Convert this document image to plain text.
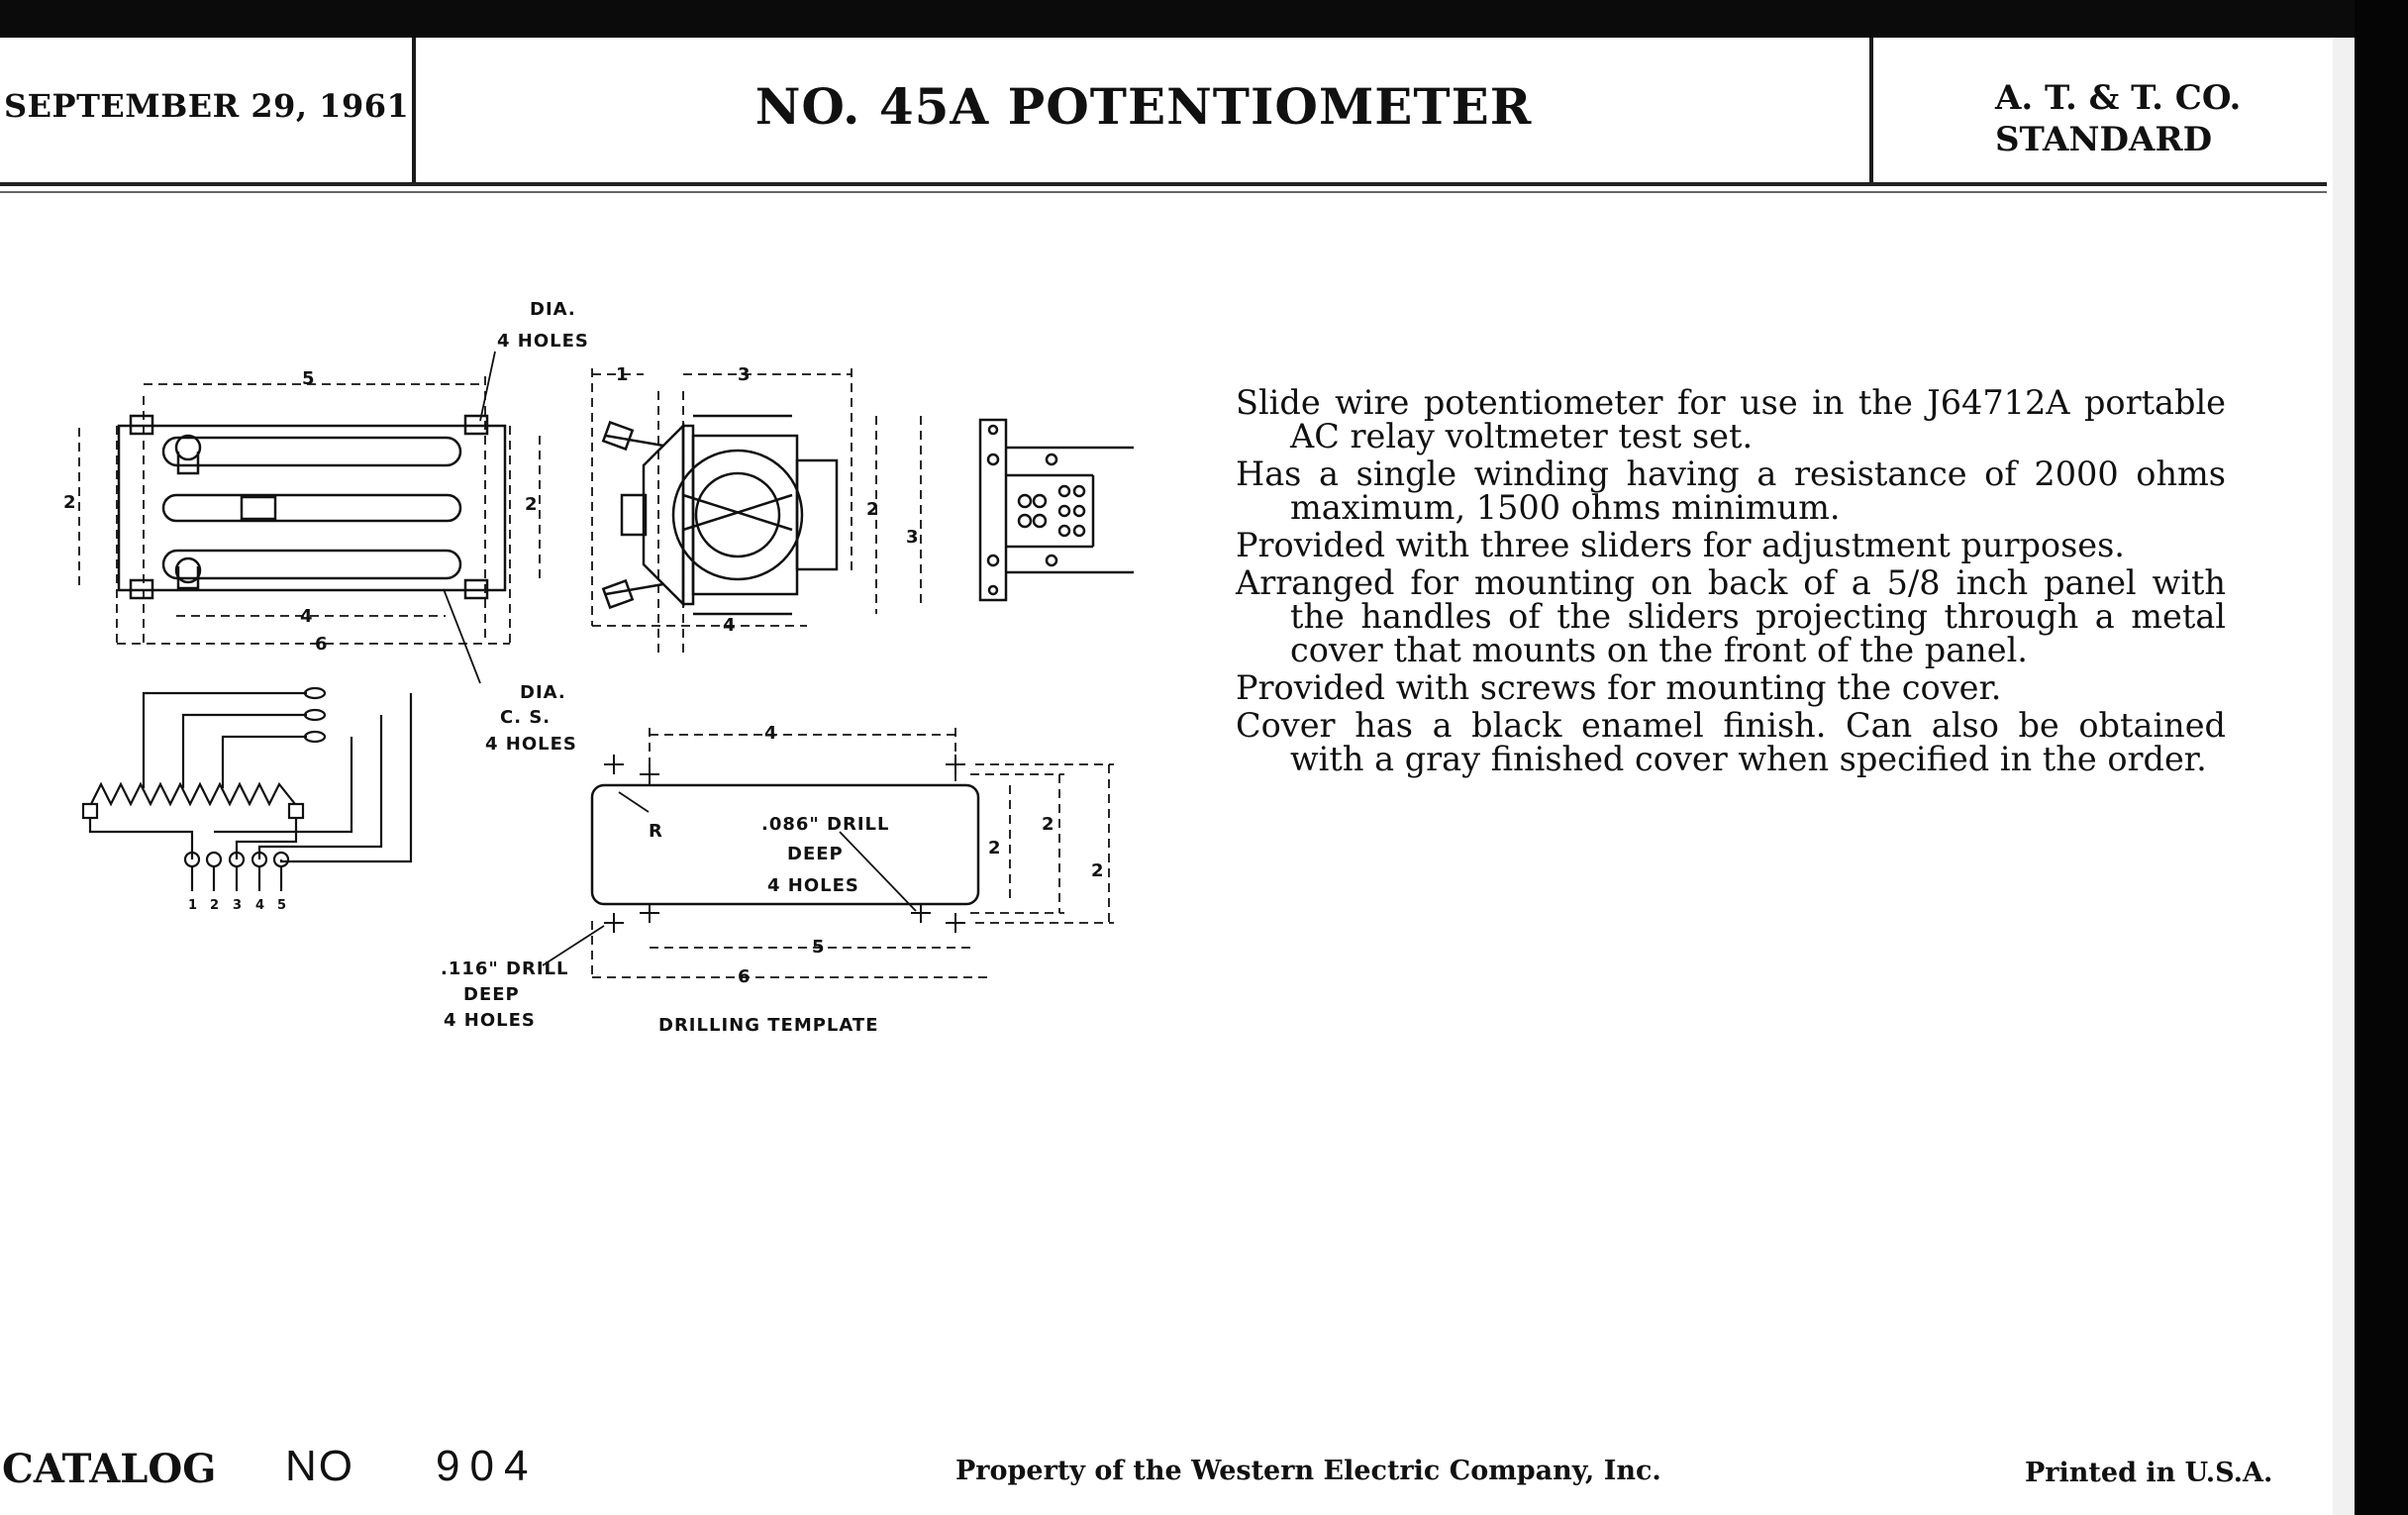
SEPTEMBER 29, 1961	NO. 45A POTENTIOMETER	A. T. & T. CO.
STANDARD

Slide wire potentiometer for use in the J64712A portable AC relay voltmeter test set.

Has a single winding having a resistance of 2000 ohms maximum, 1500 ohms minimum.

Provided with three sliders for adjustment purposes.

Arranged for mounting on back of a 5/8 inch panel with the handles of the sliders projecting through a metal cover that mounts on the front of the panel.

Provided with screws for mounting the cover.

Cover has a black enamel finish. Can also be obtained with a gray finished cover when specified in the order.

5
2	2
4
6
1	3
2
3
4
4
5
6
2
2
2
DIA.
4 HOLES
DIA.
C. S.
4 HOLES
.086" DRILL
DEEP
4 HOLES
.116" DRILL
DEEP
4 HOLES
R
DRILLING TEMPLATE
1 2 3 4 5
CATALOG NO 904	Property of the Western Electric Company, Inc.	Printed in U.S.A.
